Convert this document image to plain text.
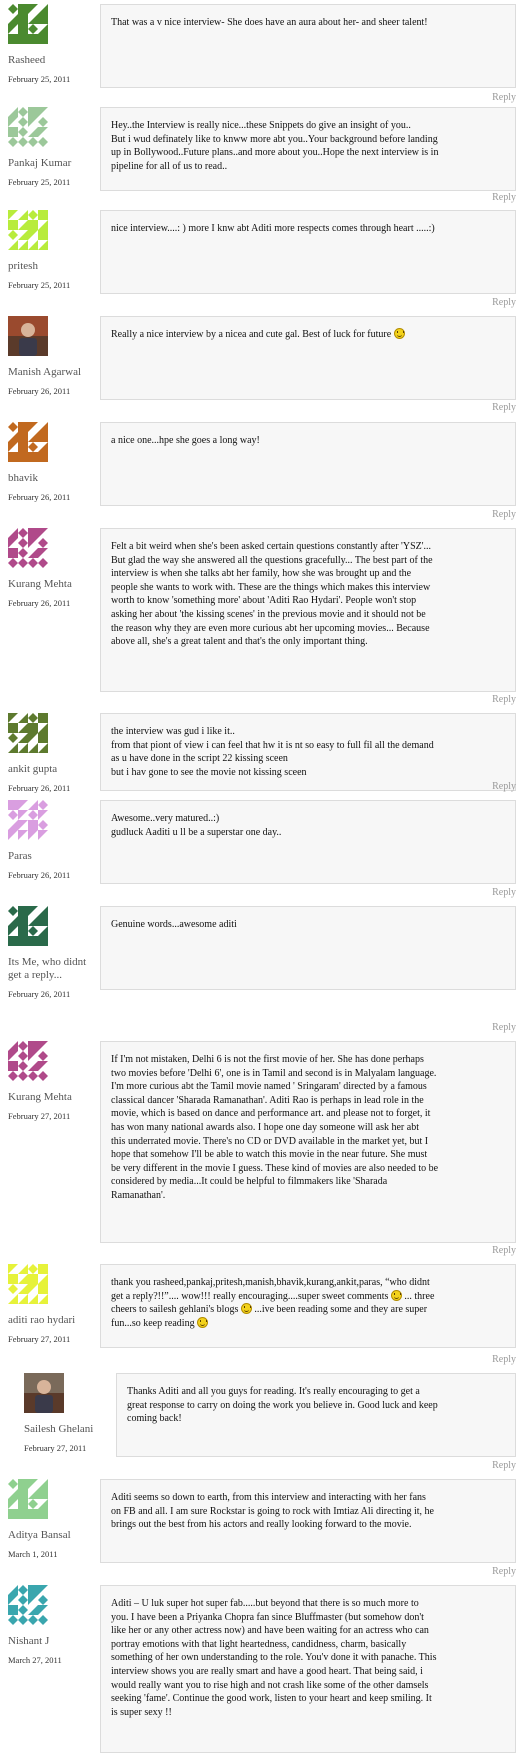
Rasheed
February 25, 2011

That was a v nice interview- She does have an aura about her- and sheer talent!

Reply
Pankaj Kumar
February 25, 2011

Hey..the Interview is really nice...these Snippets do give an insight of you..

But i wud definately like to knww more abt you..Your background before landing

up in Bollywood..Future plans..and more about you..Hope the next interview is in

pipeline for all of us to read..

Reply
pritesh
February 25, 2011

nice interview....: ) more I knw abt Aditi more respects comes through heart .....:)

Reply
Manish Agarwal
February 26, 2011

Really a nice interview by a nicea and cute gal. Best of luck for future

Reply
bhavik
February 26, 2011

a nice one...hpe she goes a long way!

Reply
Kurang Mehta
February 26, 2011

Felt a bit weird when she's been asked certain questions constantly after 'YSZ'...

But glad the way she answered all the questions gracefully... The best part of the

interview is when she talks abt her family, how she was brought up and the

people she wants to work with. These are the things which makes this interview

worth to know 'something more' about 'Aditi Rao Hydari'. People won't stop

asking her about 'the kissing scenes' in the previous movie and it should not be

the reason why they are even more curious abt her upcoming movies... Because

above all, she's a great talent and that's the only important thing.

Reply
ankit gupta
February 26, 2011

the interview was gud i like it..

from that piont of view i can feel that hw it is nt so easy to full fil all the demand

as u have done in the script 22 kissing sceen

but i hav gone to see the movie not kissing sceen

Reply
Paras
February 26, 2011

Awesome..very matured..:)

gudluck Aaditi u ll be a superstar one day..

Reply
Its Me, who didnt get a reply...
February 26, 2011

Genuine words...awesome aditi

Reply
Kurang Mehta
February 27, 2011

If I'm not mistaken, Delhi 6 is not the first movie of her. She has done perhaps

two movies before 'Delhi 6', one is in Tamil and second is in Malyalam language.

I'm more curious abt the Tamil movie named ' Sringaram' directed by a famous

classical dancer 'Sharada Ramanathan'. Aditi Rao is perhaps in lead role in the

movie, which is based on dance and performance art. and please not to forget, it

has won many national awards also. I hope one day someone will ask her abt

this underrated movie. There's no CD or DVD available in the market yet, but I

hope that somehow I'll be able to watch this movie in the near future. She must

be very different in the movie I guess. These kind of movies are also needed to be

considered by media...It could be helpful to filmmakers like 'Sharada

Ramanathan'.

Reply
aditi rao hydari
February 27, 2011

thank you rasheed,pankaj,pritesh,manish,bhavik,kurang,ankit,paras, “who didnt

get a reply?!!”.... wow!!! really encouraging....super sweet comments  ... three

cheers to sailesh gehlani's blogs  ...ive been reading some and they are super

fun...so keep reading

Reply
Sailesh Ghelani
February 27, 2011

Thanks Aditi and all you guys for reading. It's really encouraging to get a

great response to carry on doing the work you believe in. Good luck and keep

coming back!

Reply
Aditya Bansal
March 1, 2011

Aditi seems so down to earth, from this interview and interacting with her fans

on FB and all. I am sure Rockstar is going to rock with Imtiaz Ali directing it, he

brings out the best from his actors and really looking forward to the movie.

Reply
Nishant J
March 27, 2011

Aditi – U luk super hot super fab.....but beyond that there is so much more to

you. I have been a Priyanka Chopra fan since Bluffmaster (but somehow don't

like her or any other actress now) and have been waiting for an actress who can

portray emotions with that light heartedness, candidness, charm, basically

something of her own understanding to the role. You'v done it with panache. This

interview shows you are really smart and have a good heart. That being said, i

would really want you to rise high and not crash like some of the other damsels

seeking 'fame'. Continue the good work, listen to your heart and keep smiling. It

is super sexy !!
